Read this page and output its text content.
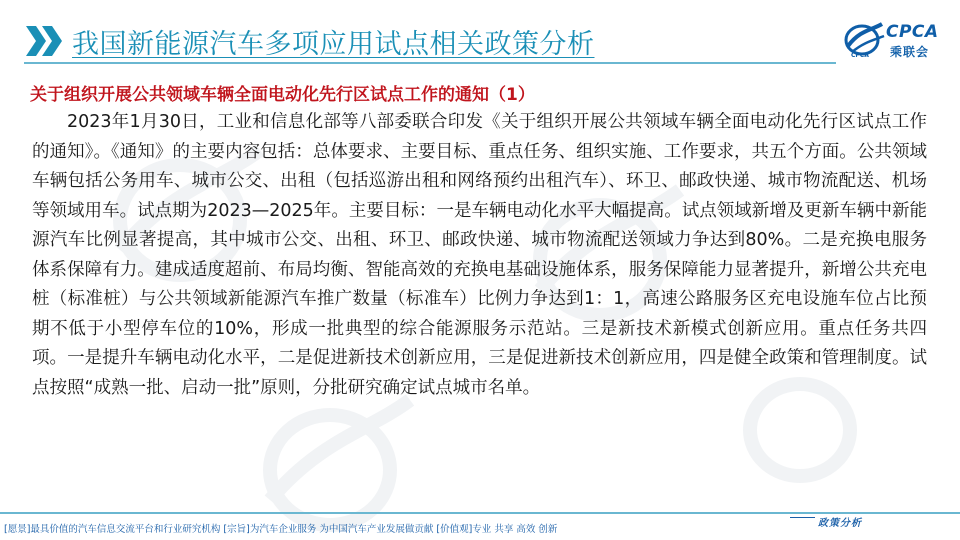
我国新能源汽车多项应用试点相关政策分析	CPCA
乘联会
CPCA
关于组织开展公共领域车辆全面电动化先行区试点工作的通知（1）

2023年1月30日，工业和信息化部等八部委联合印发《关于组织开展公共领域车辆全面电动化先行区试点工作的通知》。《通知》的主要内容包括：总体要求、主要目标、重点任务、组织实施、工作要求，共五个方面。公共领域车辆包括公务用车、城市公交、出租（包括巡游出租和网络预约出租汽车）、环卫、邮政快递、城市物流配送、机场等领域用车。试点期为2023—2025年。主要目标：一是车辆电动化水平大幅提高。试点领域新增及更新车辆中新能源汽车比例显著提高，其中城市公交、出租、环卫、邮政快递、城市物流配送领域力争达到80%。二是充换电服务体系保障有力。建成适度超前、布局均衡、智能高效的充换电基础设施体系，服务保障能力显著提升，新增公共充电桩（标准桩）与公共领域新能源汽车推广数量（标准车）比例力争达到1：1，高速公路服务区充电设施车位占比预期不低于小型停车位的10%，形成一批典型的综合能源服务示范站。三是新技术新模式创新应用。重点任务共四项。一是提升车辆电动化水平，二是促进新技术创新应用，三是促进新技术创新应用，四是健全政策和管理制度。试点按照“成熟一批、启动一批”原则，分批研究确定试点城市名单。

政策分析
[愿景]最具价值的汽车信息交流平台和行业研究机构 [宗旨]为汽车企业服务 为中国汽车产业发展做贡献 [价值观]专业 共享 高效 创新
